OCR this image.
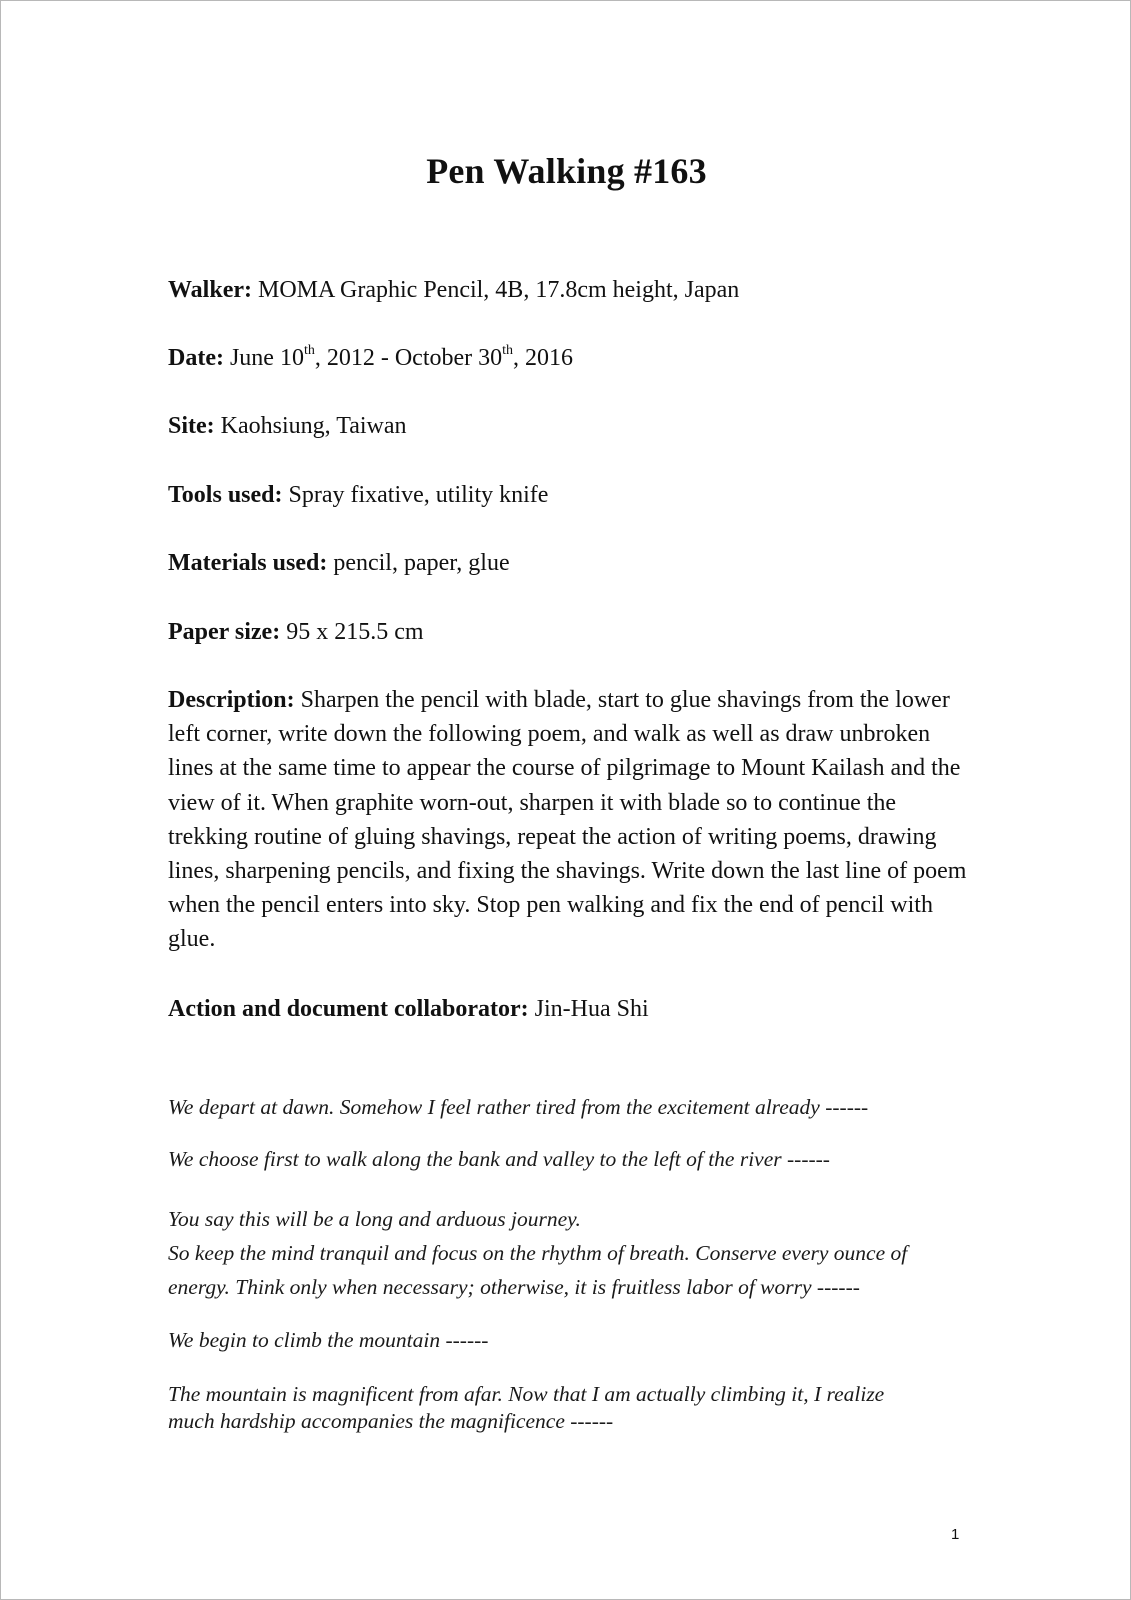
Pen Walking #163

Walker: MOMA Graphic Pencil, 4B, 17.8cm height, Japan

Date: June 10th, 2012 - October 30th, 2016

Site: Kaohsiung, Taiwan

Tools used: Spray fixative, utility knife

Materials used: pencil, paper, glue

Paper size: 95 x 215.5 cm

Description: Sharpen the pencil with blade, start to glue shavings from the lower left corner, write down the following poem, and walk as well as draw unbroken lines at the same time to appear the course of pilgrimage to Mount Kailash and the view of it. When graphite worn-out, sharpen it with blade so to continue the trekking routine of gluing shavings, repeat the action of writing poems, drawing lines, sharpening pencils, and fixing the shavings. Write down the last line of poem when the pencil enters into sky. Stop pen walking and fix the end of pencil with glue.

Action and document collaborator: Jin-Hua Shi

We depart at dawn. Somehow I feel rather tired from the excitement already ------

We choose first to walk along the bank and valley to the left of the river ------

You say this will be a long and arduous journey.
So keep the mind tranquil and focus on the rhythm of breath. Conserve every ounce of
energy. Think only when necessary; otherwise, it is fruitless labor of worry ------

We begin to climb the mountain ------

The mountain is magnificent from afar. Now that I am actually climbing it, I realize
much hardship accompanies the magnificence ------

1
